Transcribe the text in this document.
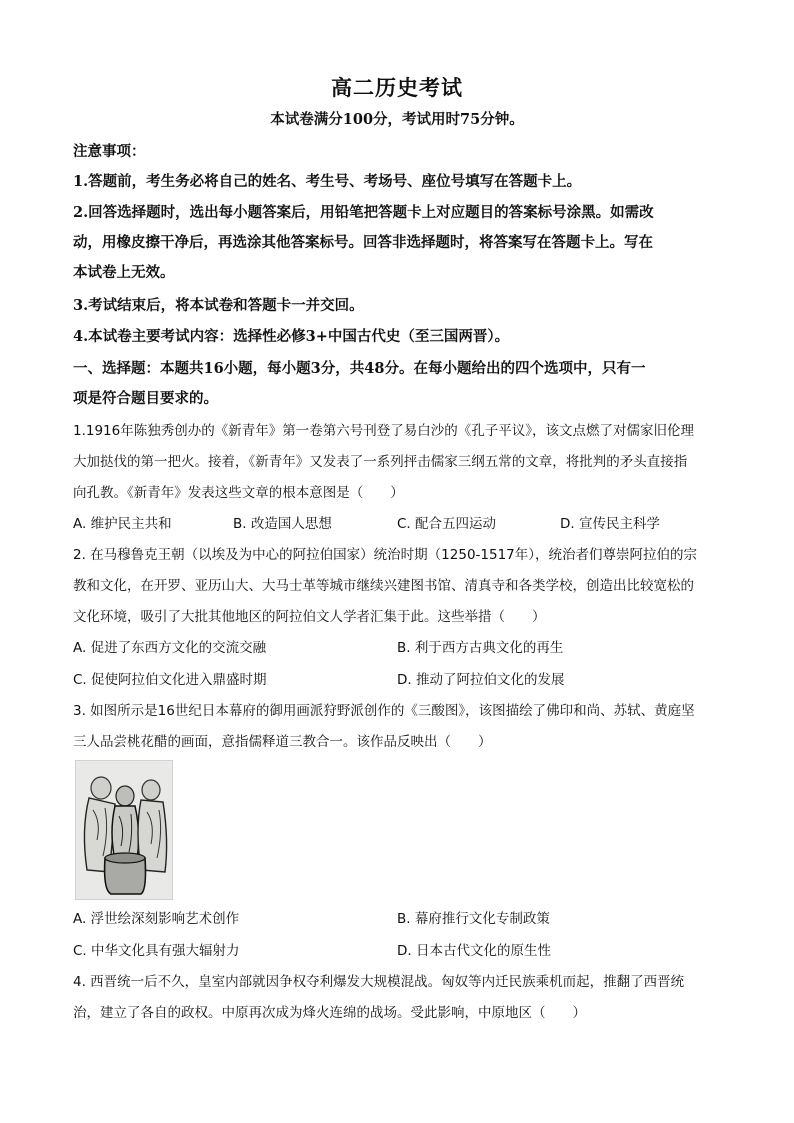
高二历史考试
本试卷满分100分，考试用时75分钟。
注意事项：
1.答题前，考生务必将自己的姓名、考生号、考场号、座位号填写在答题卡上。
2.回答选择题时，选出每小题答案后，用铅笔把答题卡上对应题目的答案标号涂黑。如需改
动，用橡皮擦干净后，再选涂其他答案标号。回答非选择题时，将答案写在答题卡上。写在
本试卷上无效。
3.考试结束后，将本试卷和答题卡一并交回。
4.本试卷主要考试内容：选择性必修3+中国古代史（至三国两晋）。
一、选择题：本题共16小题，每小题3分，共48分。在每小题给出的四个选项中，只有一
项是符合题目要求的。
1.1916年陈独秀创办的《新青年》第一卷第六号刊登了易白沙的《孔子平议》，该文点燃了对儒家旧伦理
大加挞伐的第一把火。接着，《新青年》又发表了一系列抨击儒家三纲五常的文章，将批判的矛头直接指
向孔教。《新青年》发表这些文章的根本意图是（　　）
A. 维护民主共和	B. 改造国人思想	C. 配合五四运动	D. 宣传民主科学
2. 在马穆鲁克王朝（以埃及为中心的阿拉伯国家）统治时期（1250-1517年），统治者们尊崇阿拉伯的宗
教和文化，在开罗、亚历山大、大马士革等城市继续兴建图书馆、清真寺和各类学校，创造出比较宽松的
文化环境，吸引了大批其他地区的阿拉伯文人学者汇集于此。这些举措（　　）
A. 促进了东西方文化的交流交融	B. 利于西方古典文化的再生
C. 促使阿拉伯文化进入鼎盛时期	D. 推动了阿拉伯文化的发展
3. 如图所示是16世纪日本幕府的御用画派狩野派创作的《三酸图》，该图描绘了佛印和尚、苏轼、黄庭坚
三人品尝桃花醋的画面，意指儒释道三教合一。该作品反映出（　　）
A. 浮世绘深刻影响艺术创作	B. 幕府推行文化专制政策
C. 中华文化具有强大辐射力	D. 日本古代文化的原生性
4. 西晋统一后不久，皇室内部就因争权夺利爆发大规模混战。匈奴等内迁民族乘机而起，推翻了西晋统
治，建立了各自的政权。中原再次成为烽火连绵的战场。受此影响，中原地区（　　）
